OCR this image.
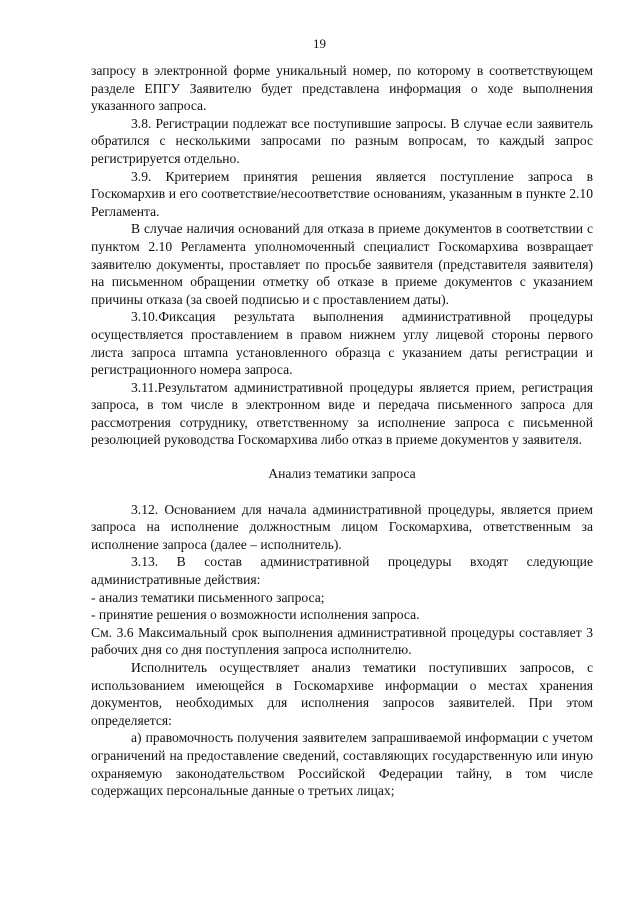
19

запросу в электронной форме уникальный номер, по которому в соответствующем разделе ЕПГУ Заявителю будет представлена информация о ходе выполнения указанного запроса.

3.8. Регистрации подлежат все поступившие запросы. В случае если заявитель обратился с несколькими запросами по разным вопросам, то каждый запрос регистрируется отдельно.

3.9. Критерием принятия решения является поступление запроса в Госкомархив и его соответствие/несоответствие основаниям, указанным в пункте 2.10 Регламента.

В случае наличия оснований для отказа в приеме документов в соответствии с пунктом 2.10 Регламента уполномоченный специалист Госкомархива возвращает заявителю документы, проставляет по просьбе заявителя (представителя заявителя) на письменном обращении отметку об отказе в приеме документов с указанием причины отказа (за своей подписью и с проставлением даты).

3.10.Фиксация результата выполнения административной процедуры осуществляется проставлением в правом нижнем углу лицевой стороны первого листа запроса штампа установленного образца с указанием даты регистрации и регистрационного номера запроса.

3.11.Результатом административной процедуры является прием, регистрация запроса, в том числе в электронном виде и передача письменного запроса для рассмотрения сотруднику, ответственному за исполнение запроса с письменной резолюцией руководства Госкомархива либо отказ в приеме документов у заявителя.

Анализ тематики запроса

3.12. Основанием для начала административной процедуры, является прием запроса на исполнение должностным лицом Госкомархива, ответственным за исполнение запроса (далее – исполнитель).

3.13. В состав административной процедуры входят следующие административные действия:

- анализ тематики письменного запроса;

- принятие решения о возможности исполнения запроса.

См. 3.6 Максимальный срок выполнения административной процедуры составляет 3 рабочих дня со дня поступления запроса исполнителю.

Исполнитель осуществляет анализ тематики поступивших запросов, с использованием имеющейся в Госкомархиве информации о местах хранения документов, необходимых для исполнения запросов заявителей. При этом определяется:

а) правомочность получения заявителем запрашиваемой информации с учетом ограничений на предоставление сведений, составляющих государственную или иную охраняемую законодательством Российской Федерации тайну, в том числе содержащих персональные данные о третьих лицах;
